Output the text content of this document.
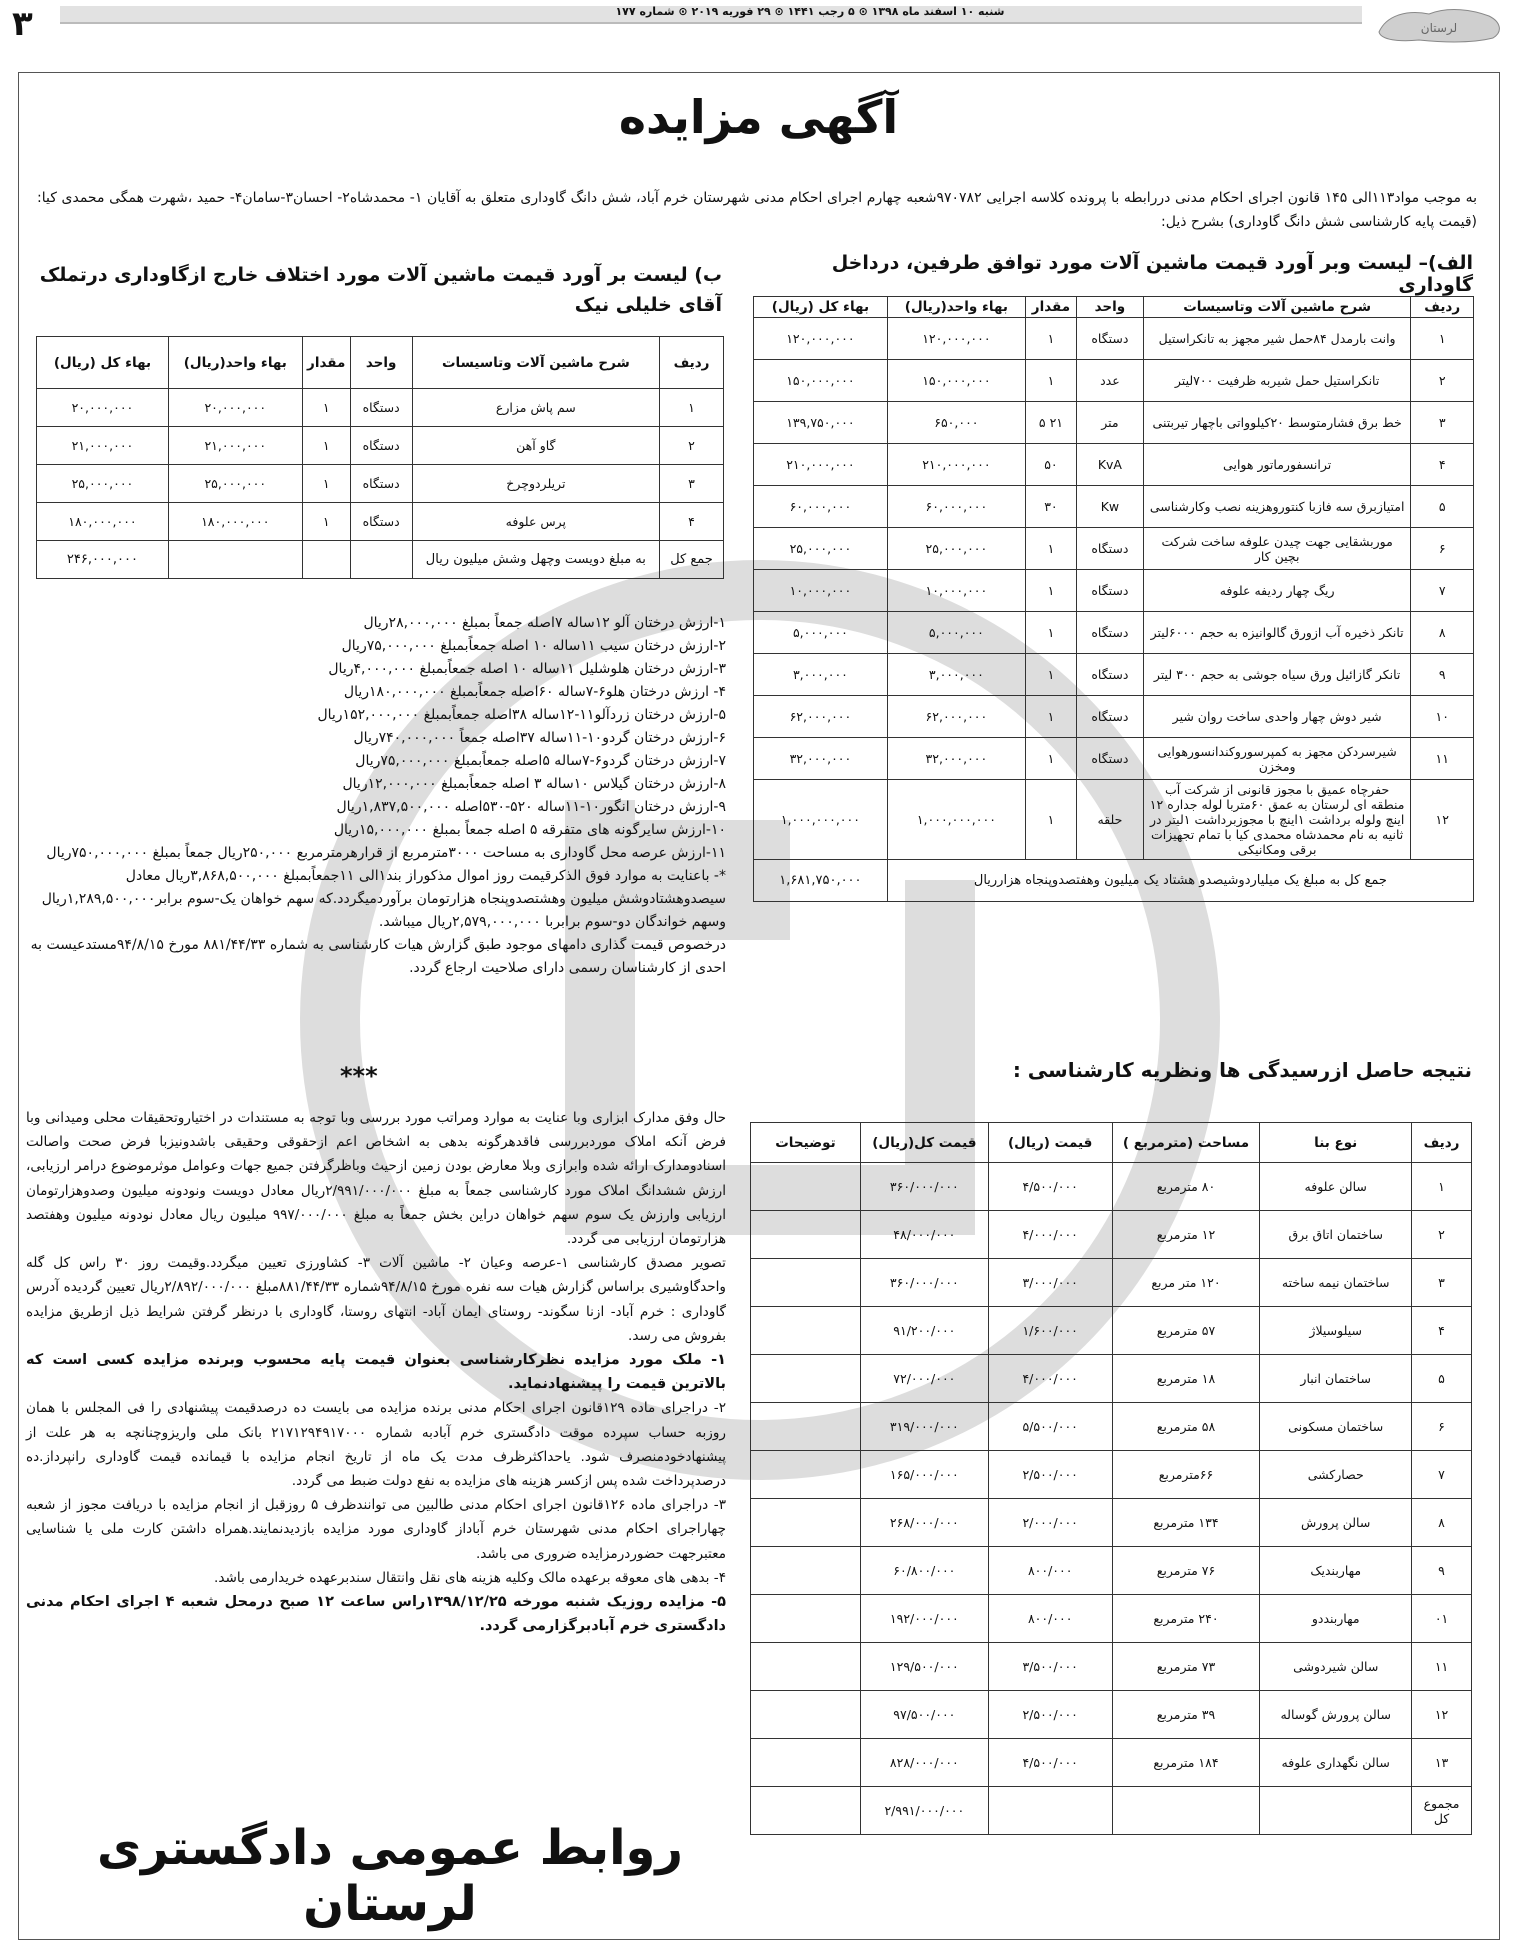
شنبه ۱۰ اسفند ماه ۱۳۹۸ ⊙ ۵ رجب ۱۴۴۱ ⊙ ۲۹ فوریه ۲۰۱۹ ⊙ شماره ۱۷۷
۳	لرستان
آگهی مزایده
به موجب مواد۱۱۳الی ۱۴۵ قانون اجرای احکام مدنی دررابطه با پرونده کلاسه اجرایی ۹۷۰۷۸۲شعبه چهارم اجرای احکام مدنی شهرستان خرم آباد، شش دانگ گاوداری متعلق به آقایان ۱- محمدشاه۲- احسان۳-سامان۴- حمید ،شهرت همگی محمدی کیا:(قیمت پایه کارشناسی شش دانگ گاوداری) بشرح ذیل:
الف)– لیست وبر آورد قیمت ماشین آلات مورد توافق طرفین، درداخل گاوداری
ردیف	شرح ماشین آلات وتاسیسات	واحد	مقدار	بهاء واحد(ریال)	بهاء کل (ریال)
۱	وانت بارمدل ۸۴حمل شیر مجهز به تانکراستیل	دستگاه	۱	۱۲۰,۰۰۰,۰۰۰	۱۲۰,۰۰۰,۰۰۰
۲	تانکراستیل حمل شیربه ظرفیت ۷۰۰لیتر	عدد	۱	۱۵۰,۰۰۰,۰۰۰	۱۵۰,۰۰۰,۰۰۰
۳	خط برق فشارمتوسط ۲۰کیلوواتی باچهار تیربتنی	متر	۲۱ ۵	۶۵۰,۰۰۰	۱۳۹,۷۵۰,۰۰۰
۴	ترانسفورماتور هوایی	KvA	۵۰	۲۱۰,۰۰۰,۰۰۰	۲۱۰,۰۰۰,۰۰۰
۵	امتیازبرق سه فازبا کنتوروهزینه نصب وکارشناسی	Kw	۳۰	۶۰,۰۰۰,۰۰۰	۶۰,۰۰۰,۰۰۰
۶	موربشقایی جهت چیدن علوفه ساخت شرکت بچین کار	دستگاه	۱	۲۵,۰۰۰,۰۰۰	۲۵,۰۰۰,۰۰۰
۷	ریگ چهار ردیفه علوفه	دستگاه	۱	۱۰,۰۰۰,۰۰۰	۱۰,۰۰۰,۰۰۰
۸	تانکر ذخیره آب ازورق گالوانیزه به حجم ۶۰۰۰لیتر	دستگاه	۱	۵,۰۰۰,۰۰۰	۵,۰۰۰,۰۰۰
۹	تانکر گازائیل ورق سیاه جوشی به حجم ۳۰۰ لیتر	دستگاه	۱	۳,۰۰۰,۰۰۰	۳,۰۰۰,۰۰۰
۱۰	شیر دوش چهار واحدی ساخت روان شیر	دستگاه	۱	۶۲,۰۰۰,۰۰۰	۶۲,۰۰۰,۰۰۰
۱۱	شیرسردکن مجهز به کمپرسوروکندانسورهوایی ومخزن	دستگاه	۱	۳۲,۰۰۰,۰۰۰	۳۲,۰۰۰,۰۰۰
۱۲	حفرچاه عمیق با مجوز قانونی از شرکت آب منطقه ای لرستان به عمق ۶۰متربا لوله جداره ۱۲ اینچ ولوله برداشت ۱اینچ با مجوزبرداشت ۱لیتر در ثانیه به نام محمدشاه محمدی کیا با تمام تجهیزات برقی ومکانیکی	حلقه	۱	۱,۰۰۰,۰۰۰,۰۰۰	۱,۰۰۰,۰۰۰,۰۰۰
جمع کل به مبلغ یک میلیاردوشیصدو هشتاد یک میلیون وهفتصدوپنجاه هزارریال					۱,۶۸۱,۷۵۰,۰۰۰
ب) لیست بر آورد قیمت ماشین آلات مورد اختلاف خارج ازگاوداری درتملک آقای خلیلی نیک
ردیف	شرح ماشین آلات وتاسیسات	واحد	مقدار	بهاء واحد(ریال)	بهاء کل (ریال)
۱	سم پاش مزارع	دستگاه	۱	۲۰,۰۰۰,۰۰۰	۲۰,۰۰۰,۰۰۰
۲	گاو آهن	دستگاه	۱	۲۱,۰۰۰,۰۰۰	۲۱,۰۰۰,۰۰۰
۳	تریلردوچرخ	دستگاه	۱	۲۵,۰۰۰,۰۰۰	۲۵,۰۰۰,۰۰۰
۴	پرس علوفه	دستگاه	۱	۱۸۰,۰۰۰,۰۰۰	۱۸۰,۰۰۰,۰۰۰
جمع کل	به مبلغ دویست وچهل وشش میلیون ریال				۲۴۶,۰۰۰,۰۰۰

۱-ارزش درختان آلو ۱۲ساله ۷اصله جمعاً بمبلغ ۲۸,۰۰۰,۰۰۰ریال

۲-ارزش درختان سیب ۱۱ساله ۱۰ اصله جمعاًبمبلغ ۷۵,۰۰۰,۰۰۰ریال

۳-ارزش درختان هلوشلیل ۱۱ساله ۱۰ اصله جمعاًبمبلغ ۴,۰۰۰,۰۰۰ریال

۴- ارزش درختان هلو۶-۷ساله ۶۰اصله جمعاًبمبلغ ۱۸۰,۰۰۰,۰۰۰ریال

۵-ارزش درختان زردآلو۱۱-۱۲ساله ۳۸اصله جمعاًبمبلغ ۱۵۲,۰۰۰,۰۰۰ریال

۶-ارزش درختان گردو۱۰-۱۱ساله ۳۷اصله جمعاً ۷۴۰,۰۰۰,۰۰۰ریال

۷-ارزش درختان گردو۶-۷ساله ۵اصله جمعاًبمبلغ ۷۵,۰۰۰,۰۰۰ریال

۸-ارزش درختان گیلاس ۱۰ساله ۳ اصله جمعاًبمبلغ ۱۲,۰۰۰,۰۰۰ریال

۹-ارزش درختان انگور۱۰-۱۱ساله ۵۲۰-۵۳۰اصله ۱,۸۳۷,۵۰۰,۰۰۰ریال

۱۰-ارزش سایرگونه های متفرقه ۵ اصله جمعاً بمبلغ ۱۵,۰۰۰,۰۰۰ریال

۱۱-ارزش عرصه محل گاوداری به مساحت ۳۰۰۰مترمربع از قرارهرمترمربع ۲۵۰,۰۰۰ریال جمعاً بمبلغ ۷۵۰,۰۰۰,۰۰۰ریال

*- باعنایت به موارد فوق الذکرقیمت روز اموال مذکوراز بند۱الی ۱۱جمعاًبمبلغ ۳,۸۶۸,۵۰۰,۰۰۰ریال معادل سیصدوهشتادوشش میلیون وهشتصدوپنجاه هزارتومان برآوردمیگردد.که سهم خواهان یک-سوم برابر۱,۲۸۹,۵۰۰,۰۰۰ریال وسهم خواندگان دو-سوم برابربا ۲,۵۷۹,۰۰۰,۰۰۰ریال میباشد.

درخصوص قیمت گذاری دامهای موجود طبق گزارش هیات کارشناسی به شماره ۸۸۱/۴۴/۳۳ مورخ ۹۴/۸/۱۵مستدعیست به احدی از کارشناسان رسمی دارای صلاحیت ارجاع گردد.

***

حال وفق مدارک ابزاری وبا عنایت به موارد ومراتب مورد بررسی وبا توجه به مستندات در اختیاروتحقیقات محلی ومیدانی وبا فرض آنکه املاک موردبررسی فاقدهرگونه بدهی به اشخاص اعم ازحقوقی وحقیقی باشدونیزبا فرض صحت واصالت اسنادومدارک ارائه شده وابرازی وبلا معارض بودن زمین ازحیث وباظرگرفتن جمیع جهات وعوامل موثرموضوع درامر ارزیابی، ارزش ششدانگ املاک مورد کارشناسی جمعاً به مبلغ ۲/۹۹۱/۰۰۰/۰۰۰ریال معادل دویست ونودونه میلیون وصدوهزارتومان ارزیابی وارزش یک سوم سهم خواهان دراین بخش جمعاً به مبلغ ۹۹۷/۰۰۰/۰۰۰ میلیون ریال معادل نودونه میلیون وهفتصد هزارتومان ارزیابی می گردد.

تصویر مصدق کارشناسی ۱-عرصه وعیان ۲- ماشین آلات ۳- کشاورزی تعیین میگردد.وقیمت روز ۳۰ راس کل گله واحدگاوشیری براساس گزارش هیات سه نفره مورخ ۹۴/۸/۱۵شماره ۸۸۱/۴۴/۳۳مبلغ ۲/۸۹۲/۰۰۰/۰۰۰ریال تعیین گردیده آدرس گاوداری : خرم آباد- ازنا سگوند- روستای ایمان آباد- انتهای روستا، گاوداری با درنظر گرفتن شرایط ذیل ازطریق مزایده بفروش می رسد.

۱- ملک مورد مزایده نظرکارشناسی بعنوان قیمت پایه محسوب وبرنده مزایده کسی است که بالاترین قیمت را پیشنهادنماید.

۲- دراجرای ماده ۱۲۹قانون اجرای احکام مدنی برنده مزایده می بایست ده درصدقیمت پیشنهادی را فی المجلس با همان روزبه حساب سپرده موقت دادگستری خرم آبادبه شماره ۲۱۷۱۲۹۴۹۱۷۰۰۰ بانک ملی واریزوچنانچه به هر علت از پیشنهادخودمنصرف شود. یاحداکثرظرف مدت یک ماه از تاریخ انجام مزایده با قیمانده قیمت گاوداری رانپرداز.ده درصدپرداخت شده پس ازکسر هزینه های مزایده به نفع دولت ضبط می گردد.

۳- دراجرای ماده ۱۲۶قانون اجرای احکام مدنی طالبین می توانندظرف ۵ روزقبل از انجام مزایده با دریافت مجوز از شعبه چهاراجرای احکام مدنی شهرستان خرم آباداز گاوداری مورد مزایده بازدیدنمایند.همراه داشتن کارت ملی یا شناسایی معتبرجهت حضوردرمزایده ضروری می باشد.

۴- بدهی های معوقه برعهده مالک وکلیه هزینه های نقل وانتقال سندبرعهده خریدارمی باشد.

۵- مزایده روزیک شنبه مورخه ۱۳۹۸/۱۲/۲۵راس ساعت ۱۲ صبح درمحل شعبه ۴ اجرای احکام مدنی دادگستری خرم آبادبرگزارمی گردد.

نتیجه حاصل ازرسیدگی ها ونظریه کارشناسی :
ردیف	نوع بنا	مساحت (مترمربع )	قیمت (ریال)	قیمت کل(ریال)	توضیحات
۱	سالن علوفه	۸۰ مترمربع	۴/۵۰۰/۰۰۰	۳۶۰/۰۰۰/۰۰۰	
۲	ساختمان اتاق برق	۱۲ مترمربع	۴/۰۰۰/۰۰۰	۴۸/۰۰۰/۰۰۰	
۳	ساختمان نیمه ساخته	۱۲۰ متر مربع	۳/۰۰۰/۰۰۰	۳۶۰/۰۰۰/۰۰۰	
۴	سیلوسیلاژ	۵۷ مترمربع	۱/۶۰۰/۰۰۰	۹۱/۲۰۰/۰۰۰	
۵	ساختمان انبار	۱۸ مترمربع	۴/۰۰۰/۰۰۰	۷۲/۰۰۰/۰۰۰	
۶	ساختمان مسکونی	۵۸ مترمربع	۵/۵۰۰/۰۰۰	۳۱۹/۰۰۰/۰۰۰	
۷	حصارکشی	۶۶مترمربع	۲/۵۰۰/۰۰۰	۱۶۵/۰۰۰/۰۰۰	
۸	سالن پرورش	۱۳۴ مترمربع	۲/۰۰۰/۰۰۰	۲۶۸/۰۰۰/۰۰۰	
۹	مهاربندیک	۷۶ مترمربع	۸۰۰/۰۰۰	۶۰/۸۰۰/۰۰۰	
۰۱	مهاربنددو	۲۴۰ مترمربع	۸۰۰/۰۰۰	۱۹۲/۰۰۰/۰۰۰	
۱۱	سالن شیردوشی	۷۳ مترمربع	۳/۵۰۰/۰۰۰	۱۲۹/۵۰۰/۰۰۰	
۱۲	سالن پرورش گوساله	۳۹ مترمربع	۲/۵۰۰/۰۰۰	۹۷/۵۰۰/۰۰۰	
۱۳	سالن نگهداری علوفه	۱۸۴ مترمربع	۴/۵۰۰/۰۰۰	۸۲۸/۰۰۰/۰۰۰	
مجموع کل				۲/۹۹۱/۰۰۰/۰۰۰	
روابط عمومی دادگستری لرستان
